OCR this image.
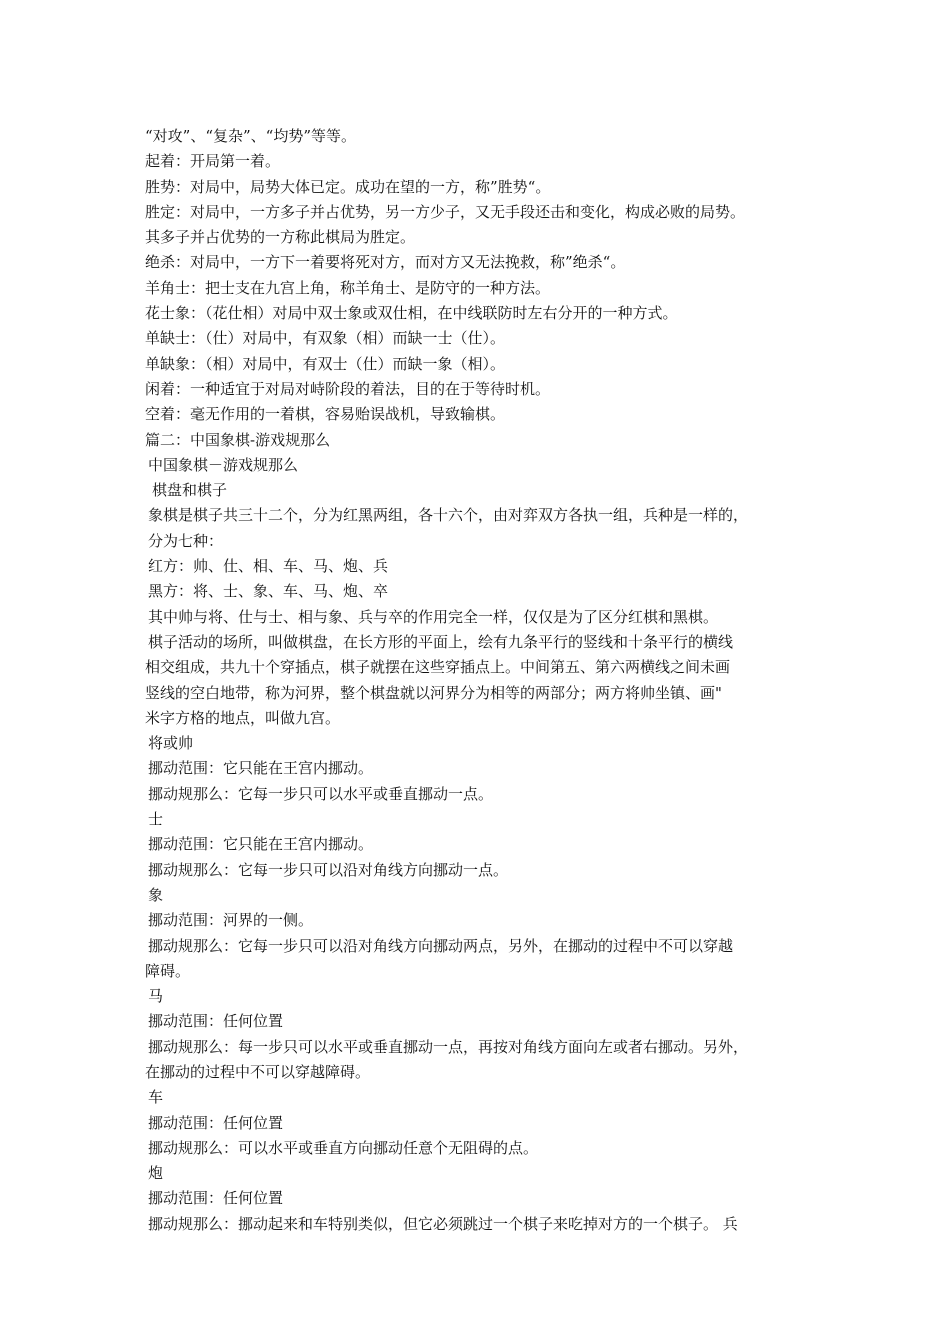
“对攻”、“复杂”、“均势”等等。
起着：开局第一着。
胜势：对局中，局势大体已定。成功在望的一方，称”胜势“。
胜定：对局中，一方多子并占优势，另一方少子，又无手段还击和变化，构成必败的局势。
其多子并占优势的一方称此棋局为胜定。
绝杀：对局中，一方下一着要将死对方，而对方又无法挽救，称”绝杀“。
羊角士：把士支在九宫上角，称羊角士、是防守的一种方法。
花士象：（花仕相）对局中双士象或双仕相，在中线联防时左右分开的一种方式。
单缺士：（仕）对局中，有双象（相）而缺一士（仕）。
单缺象：（相）对局中，有双士（仕）而缺一象（相）。
闲着：一种适宜于对局对峙阶段的着法，目的在于等待时机。
空着：毫无作用的一着棋，容易贻误战机，导致输棋。
篇二：中国象棋-游戏规那么
中国象棋－游戏规那么
棋盘和棋子
象棋是棋子共三十二个，分为红黑两组，各十六个，由对弈双方各执一组，兵种是一样的，
分为七种：
红方：帅、仕、相、车、马、炮、兵
黑方：将、士、象、车、马、炮、卒
其中帅与将、仕与士、相与象、兵与卒的作用完全一样，仅仅是为了区分红棋和黑棋。
棋子活动的场所，叫做棋盘，在长方形的平面上，绘有九条平行的竖线和十条平行的横线
相交组成，共九十个穿插点，棋子就摆在这些穿插点上。中间第五、第六两横线之间未画
竖线的空白地带，称为河界，整个棋盘就以河界分为相等的两部分；两方将帅坐镇、画"
米字方格的地点，叫做九宫。
将或帅
挪动范围：它只能在王宫内挪动。
挪动规那么：它每一步只可以水平或垂直挪动一点。
士
挪动范围：它只能在王宫内挪动。
挪动规那么：它每一步只可以沿对角线方向挪动一点。
象
挪动范围：河界的一侧。
挪动规那么：它每一步只可以沿对角线方向挪动两点，另外，在挪动的过程中不可以穿越
障碍。
马
挪动范围：任何位置
挪动规那么：每一步只可以水平或垂直挪动一点，再按对角线方面向左或者右挪动。另外，
在挪动的过程中不可以穿越障碍。
车
挪动范围：任何位置
挪动规那么：可以水平或垂直方向挪动任意个无阻碍的点。
炮
挪动范围：任何位置
挪动规那么：挪动起来和车特别类似，但它必须跳过一个棋子来吃掉对方的一个棋子。 兵
